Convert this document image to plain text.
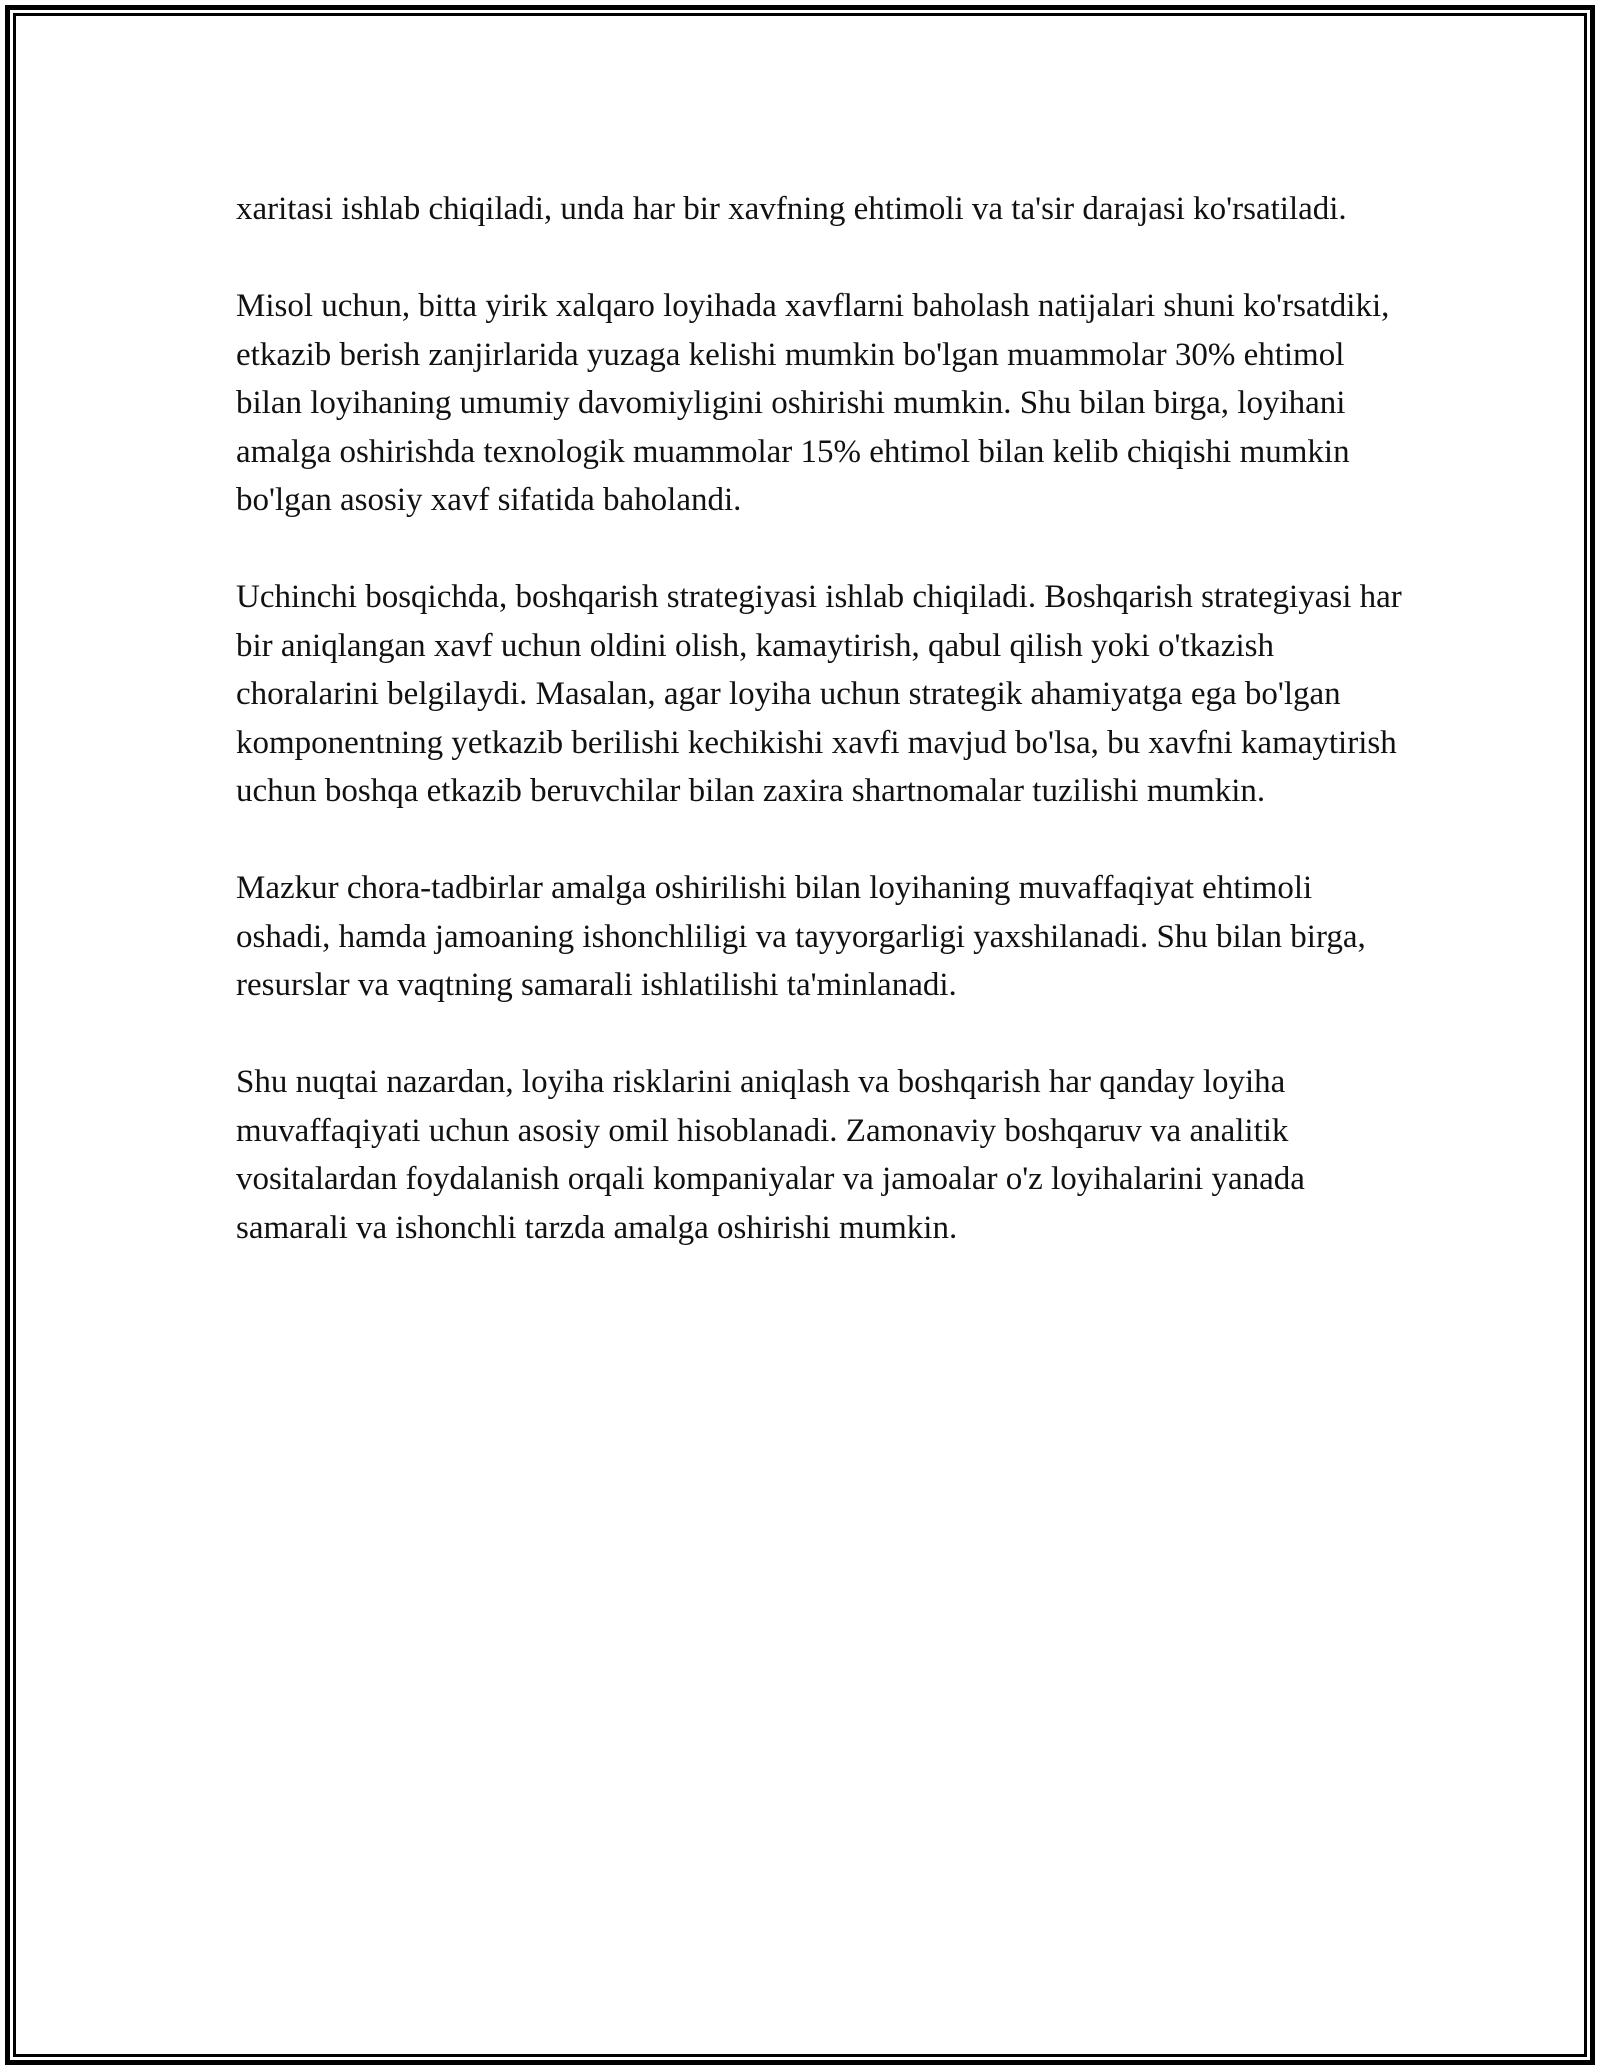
xaritasi ishlab chiqiladi, unda har bir xavfning ehtimoli va ta'sir darajasi ko'rsatiladi.

Misol uchun, bitta yirik xalqaro loyihada xavflarni baholash natijalari shuni ko'rsatdiki, etkazib berish zanjirlarida yuzaga kelishi mumkin bo'lgan muammolar 30% ehtimol bilan loyihaning umumiy davomiyligini oshirishi mumkin. Shu bilan birga, loyihani amalga oshirishda texnologik muammolar 15% ehtimol bilan kelib chiqishi mumkin bo'lgan asosiy xavf sifatida baholandi.

Uchinchi bosqichda, boshqarish strategiyasi ishlab chiqiladi. Boshqarish strategiyasi har bir aniqlangan xavf uchun oldini olish, kamaytirish, qabul qilish yoki o'tkazish choralarini belgilaydi. Masalan, agar loyiha uchun strategik ahamiyatga ega bo'lgan komponentning yetkazib berilishi kechikishi xavfi mavjud bo'lsa, bu xavfni kamaytirish uchun boshqa etkazib beruvchilar bilan zaxira shartnomalar tuzilishi mumkin.

Mazkur chora-tadbirlar amalga oshirilishi bilan loyihaning muvaffaqiyat ehtimoli oshadi, hamda jamoaning ishonchliligi va tayyorgarligi yaxshilanadi. Shu bilan birga, resurslar va vaqtning samarali ishlatilishi ta'minlanadi.

Shu nuqtai nazardan, loyiha risklarini aniqlash va boshqarish har qanday loyiha muvaffaqiyati uchun asosiy omil hisoblanadi. Zamonaviy boshqaruv va analitik vositalardan foydalanish orqali kompaniyalar va jamoalar o'z loyihalarini yanada samarali va ishonchli tarzda amalga oshirishi mumkin.
